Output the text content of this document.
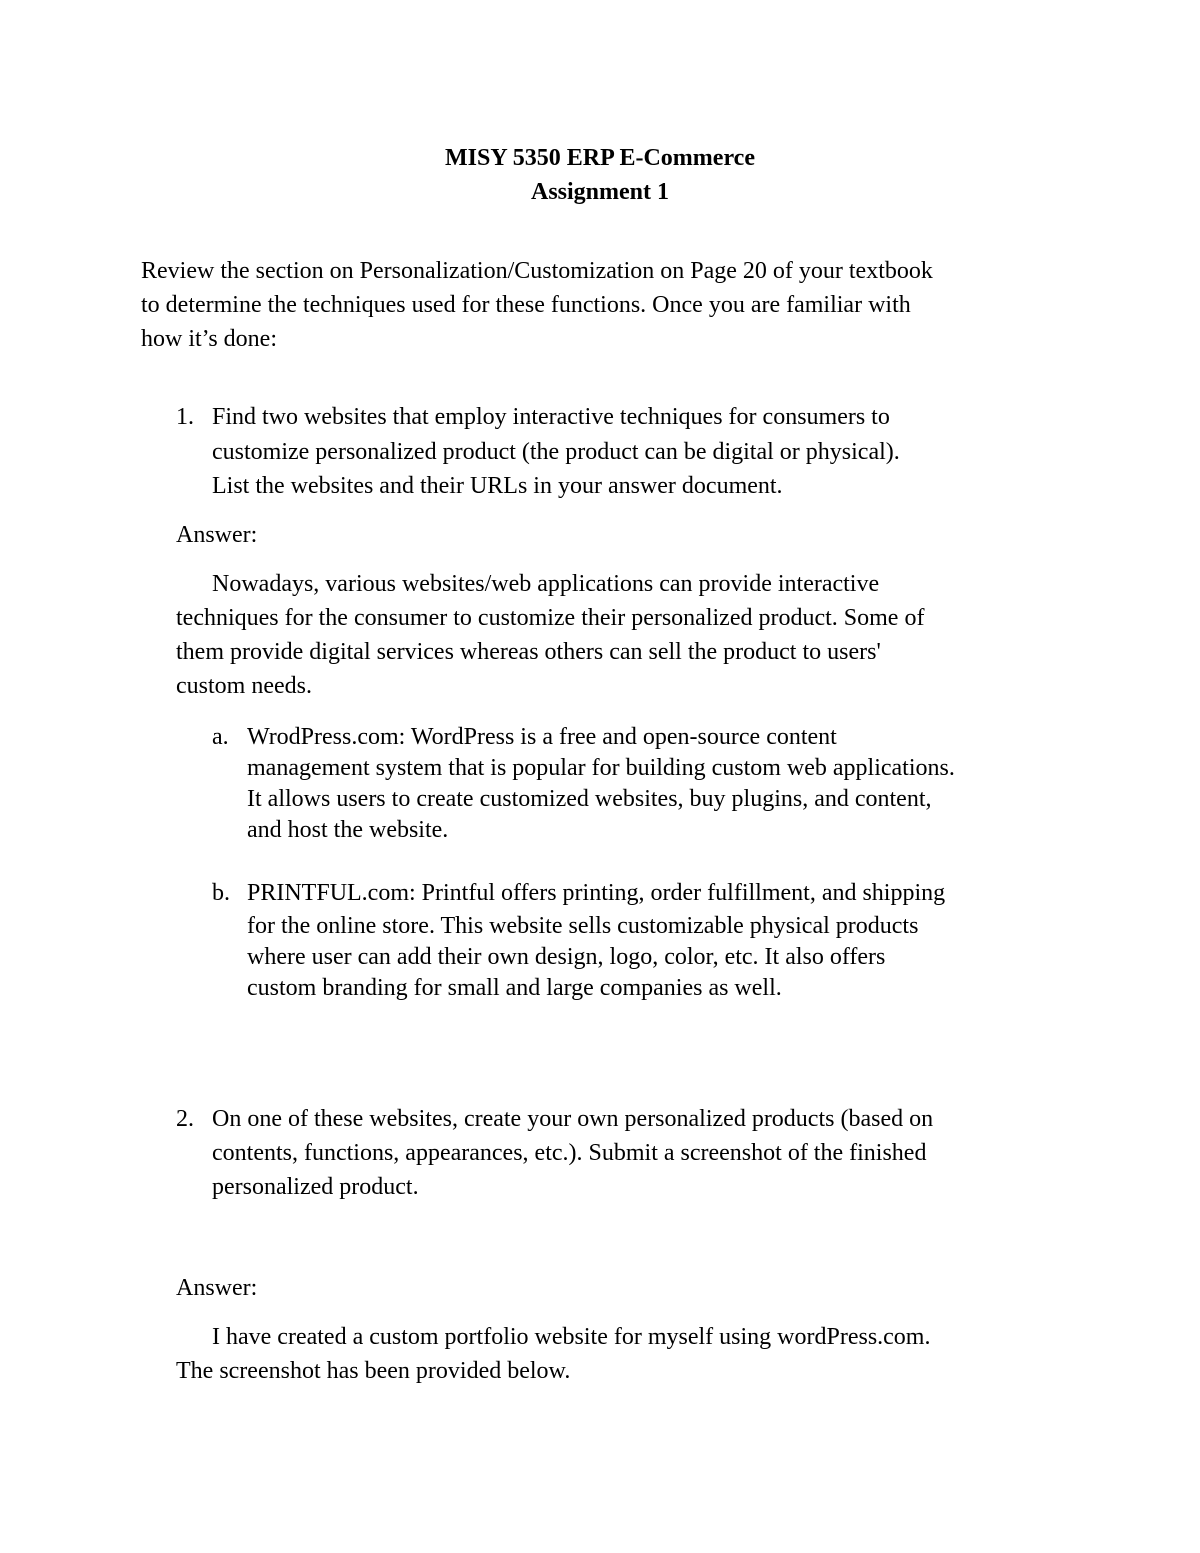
MISY 5350 ERP E-Commerce
Assignment 1
Review the section on Personalization/Customization on Page 20 of your textbook
to determine the techniques used for these functions. Once you are familiar with
how it’s done:
1. Find two websites that employ interactive techniques for consumers to
customize personalized product (the product can be digital or physical).
List the websites and their URLs in your answer document.
Answer:
Nowadays, various websites/web applications can provide interactive
techniques for the consumer to customize their personalized product. Some of
them provide digital services whereas others can sell the product to users'
custom needs.
a. WrodPress.com: WordPress is a free and open-source content
management system that is popular for building custom web applications.
It allows users to create customized websites, buy plugins, and content,
and host the website.
b. PRINTFUL.com: Printful offers printing, order fulfillment, and shipping
for the online store. This website sells customizable physical products
where user can add their own design, logo, color, etc. It also offers
custom branding for small and large companies as well.
2. On one of these websites, create your own personalized products (based on
contents, functions, appearances, etc.). Submit a screenshot of the finished
personalized product.
Answer:
I have created a custom portfolio website for myself using wordPress.com.
The screenshot has been provided below.
